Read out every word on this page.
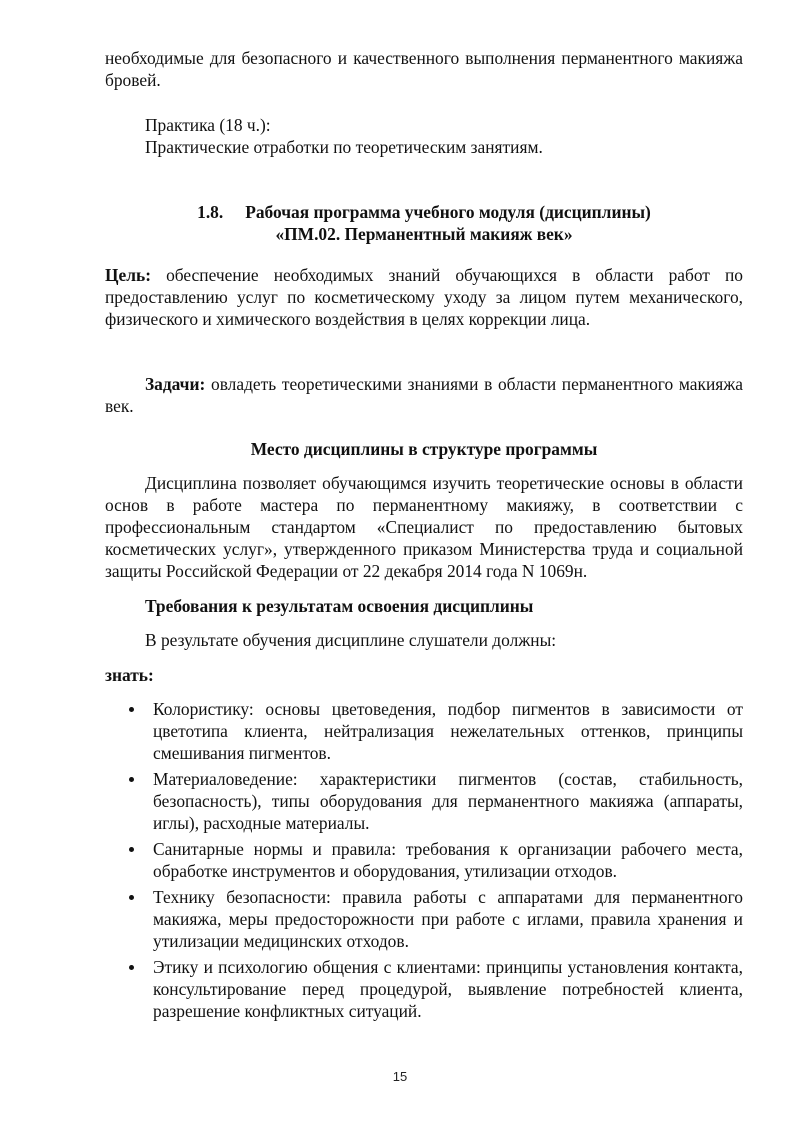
необходимые для безопасного и качественного выполнения перманентного макияжа бровей.

Практика (18 ч.):

Практические отработки по теоретическим занятиям.

1.8. Рабочая программа учебного модуля (дисциплины)
«ПМ.02. Перманентный макияж век»

Цель: обеспечение необходимых знаний обучающихся в области работ по предоставлению услуг по косметическому уходу за лицом путем механического, физического и химического воздействия в целях коррекции лица.

Задачи: овладеть теоретическими знаниями в области перманентного макияжа век.

Место дисциплины в структуре программы

Дисциплина позволяет обучающимся изучить теоретические основы в области основ в работе мастера по перманентному макияжу, в соответствии с профессиональным стандартом «Специалист по предоставлению бытовых косметических услуг», утвержденного приказом Министерства труда и социальной защиты Российской Федерации от 22 декабря 2014 года N 1069н.

Требования к результатам освоения дисциплины

В результате обучения дисциплине слушатели должны:

знать:

Колористику: основы цветоведения, подбор пигментов в зависимости от цветотипа клиента, нейтрализация нежелательных оттенков, принципы смешивания пигментов.
Материаловедение: характеристики пигментов (состав, стабильность, безопасность), типы оборудования для перманентного макияжа (аппараты, иглы), расходные материалы.
Санитарные нормы и правила: требования к организации рабочего места, обработке инструментов и оборудования, утилизации отходов.
Технику безопасности: правила работы с аппаратами для перманентного макияжа, меры предосторожности при работе с иглами, правила хранения и утилизации медицинских отходов.
Этику и психологию общения с клиентами: принципы установления контакта, консультирование перед процедурой, выявление потребностей клиента, разрешение конфликтных ситуаций.
15
